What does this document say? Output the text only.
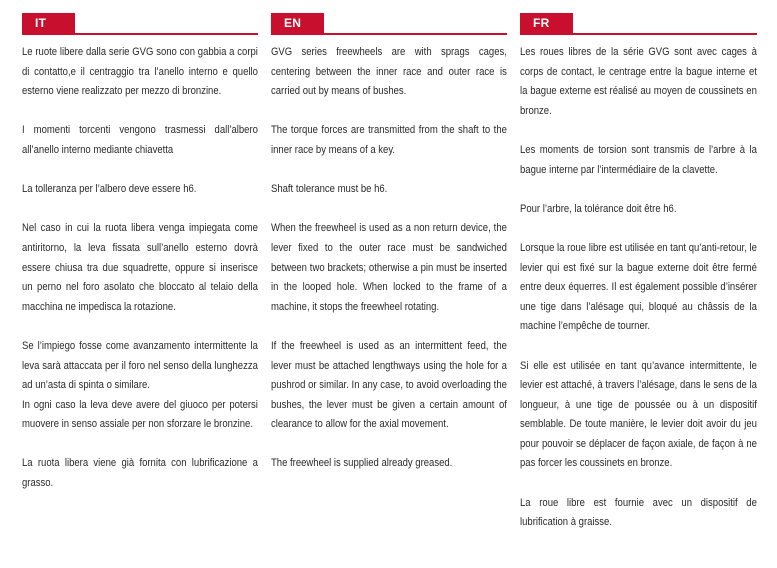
IT

Le ruote libere dalla serie GVG sono con gabbia a corpi di contatto,e il centraggio tra l’anello interno e quello esterno viene realizzato per mezzo di bronzine.

I momenti torcenti vengono trasmessi dall’albero all’anello interno mediante chiavetta

La tolleranza per l’albero deve essere h6.

Nel caso in cui la ruota libera venga impiegata come antiritorno, la leva fissata sull’anello esterno dovrà essere chiusa tra due squadrette, oppure si inserisce un perno nel foro asolato che bloccato al telaio della macchina ne impedisca la rotazione.

Se l’impiego fosse come avanzamento intermittente la leva sarà attaccata per il foro nel senso della lunghezza ad un’asta di spinta o similare.
In ogni caso la leva deve avere del giuoco per potersi muovere in senso assiale per non sforzare le bronzine.

La ruota libera viene già fornita con lubrificazione a grasso.

EN

GVG series freewheels are with sprags cages, centering between the inner race and outer race is carried out by means of bushes.

The torque forces are transmitted from the shaft to the inner race by means of a key.

Shaft tolerance must be h6.

When the freewheel is used as a non return device, the lever fixed to the outer race must be sandwiched between two brackets; otherwise a pin must be inserted in the looped hole. When locked to the frame of a machine, it stops the freewheel rotating.

If the freewheel is used as an intermittent feed, the lever must be attached lengthways using the hole for a pushrod or similar. In any case, to avoid overloading the bushes, the lever must be given a certain amount of clearance to allow for the axial movement.

The freewheel is supplied already greased.

FR

Les roues libres de la série GVG sont avec cages à corps de contact, le centrage entre la bague interne et la bague externe est réalisé au moyen de coussinets en bronze.

Les moments de torsion sont transmis de l’arbre à la bague interne par l’intermédiaire de la clavette.

Pour l’arbre, la tolérance doit être h6.

Lorsque la roue libre est utilisée en tant qu’anti-retour, le levier qui est fixé sur la bague externe doit être fermé entre deux équerres. Il est également possible d’insérer une tige dans l’alésage qui, bloqué au châssis de la machine l’empêche de tourner.

Si elle est utilisée en tant qu’avance intermittente, le levier est attaché, à travers l’alésage, dans le sens de la longueur, à une tige de poussée ou à un dispositif semblable. De toute manière, le levier doit avoir du jeu pour pouvoir se déplacer de façon axiale, de façon à ne pas forcer les coussinets en bronze.

La roue libre est fournie avec un dispositif de lubrification à graisse.
